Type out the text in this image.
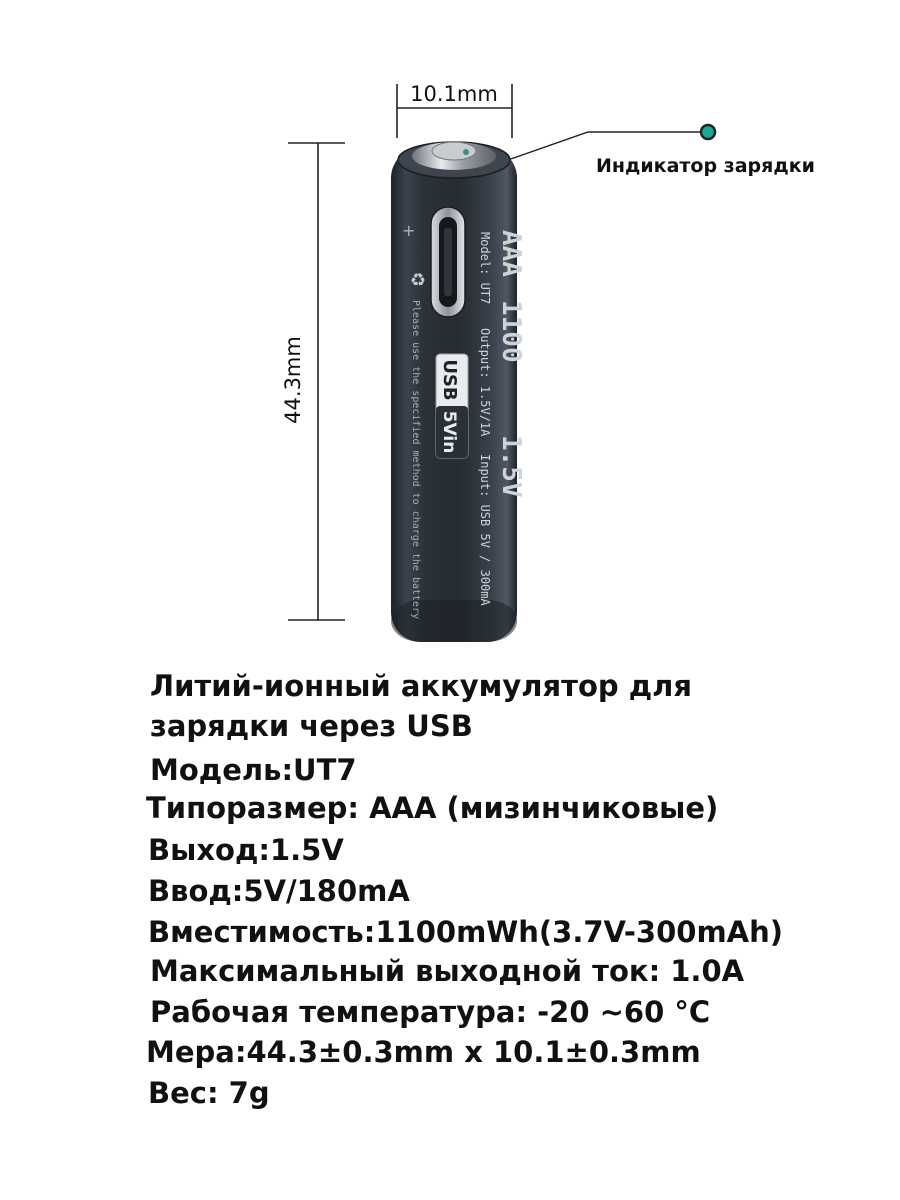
10.1mm
44.3mm
♻
+
USB
5Vin
AAA
1100
1.5V
Model: UT7
Output: 1.5V/1A
Input: USB 5V / 300mA
Please use the specified method to charge the battery
Индикатор зарядки
Литий-ионный аккумулятор для
зарядки через USB
Модель:UT7
Типоразмер: AAA (мизинчиковые)
Выход:1.5V
Ввод:5V/180mA
Вместимость:1100mWh(3.7V-300mAh)
Максимальный выходной ток: 1.0A
Рабочая температура: -20 ~60 °C
Мера:44.3±0.3mm x 10.1±0.3mm
Вес: 7g
